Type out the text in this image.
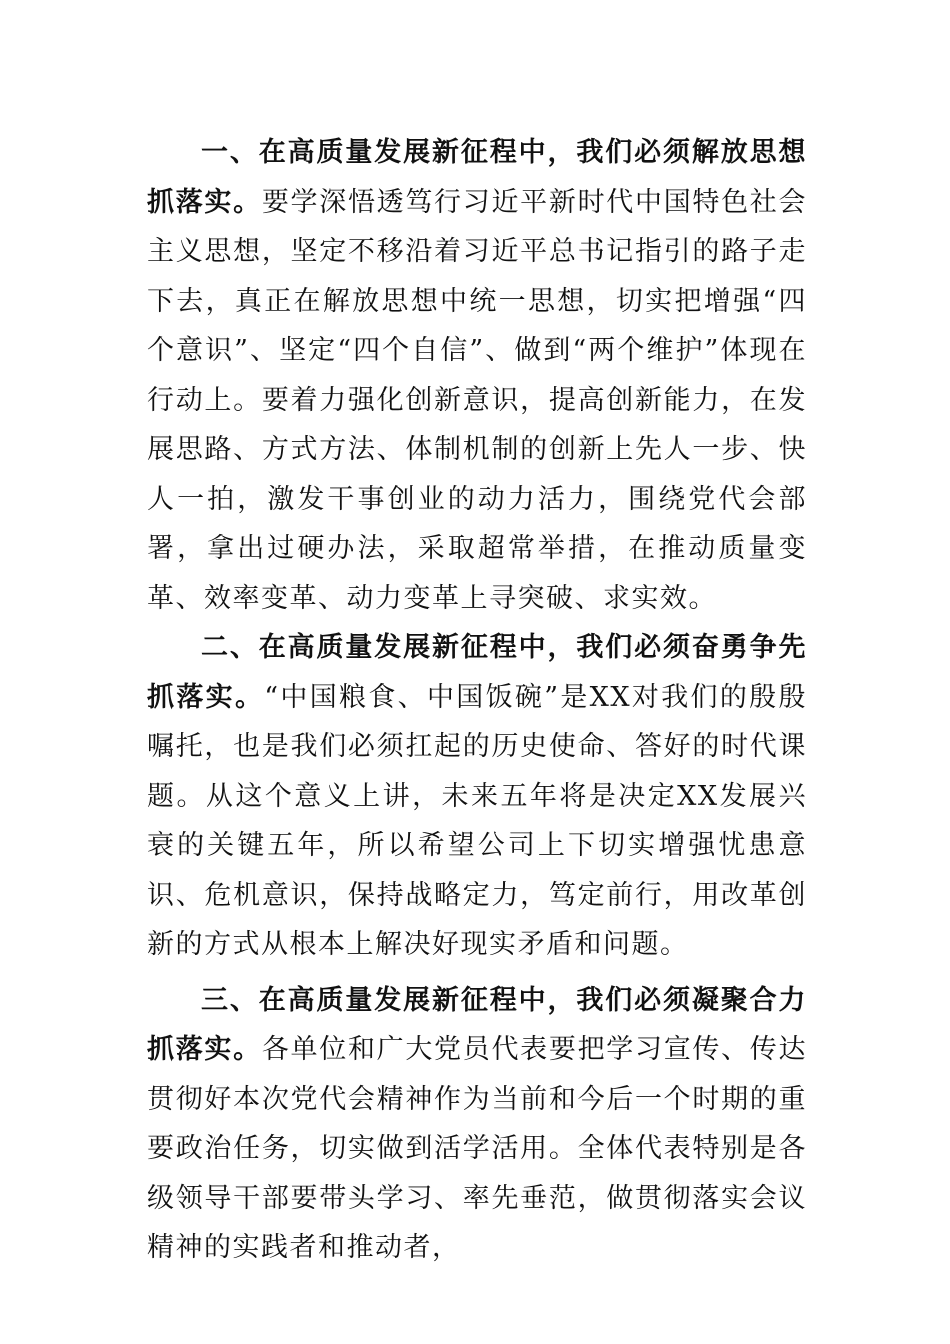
一、在高质量发展新征程中，我们必须解放思想抓落实。要学深悟透笃行习近平新时代中国特色社会主义思想，坚定不移沿着习近平总书记指引的路子走下去，真正在解放思想中统一思想，切实把增强“四个意识”、坚定“四个自信”、做到“两个维护”体现在行动上。要着力强化创新意识，提高创新能力，在发展思路、方式方法、体制机制的创新上先人一步、快人一拍，激发干事创业的动力活力，围绕党代会部署，拿出过硬办法，采取超常举措，在推动质量变革、效率变革、动力变革上寻突破、求实效。

二、在高质量发展新征程中，我们必须奋勇争先抓落实。“中国粮食、中国饭碗”是XX对我们的殷殷嘱托，也是我们必须扛起的历史使命、答好的时代课题。从这个意义上讲，未来五年将是决定XX发展兴衰的关键五年，所以希望公司上下切实增强忧患意识、危机意识，保持战略定力，笃定前行，用改革创新的方式从根本上解决好现实矛盾和问题。

三、在高质量发展新征程中，我们必须凝聚合力抓落实。各单位和广大党员代表要把学习宣传、传达贯彻好本次党代会精神作为当前和今后一个时期的重要政治任务，切实做到活学活用。全体代表特别是各级领导干部要带头学习、率先垂范，做贯彻落实会议精神的实践者和推动者，
